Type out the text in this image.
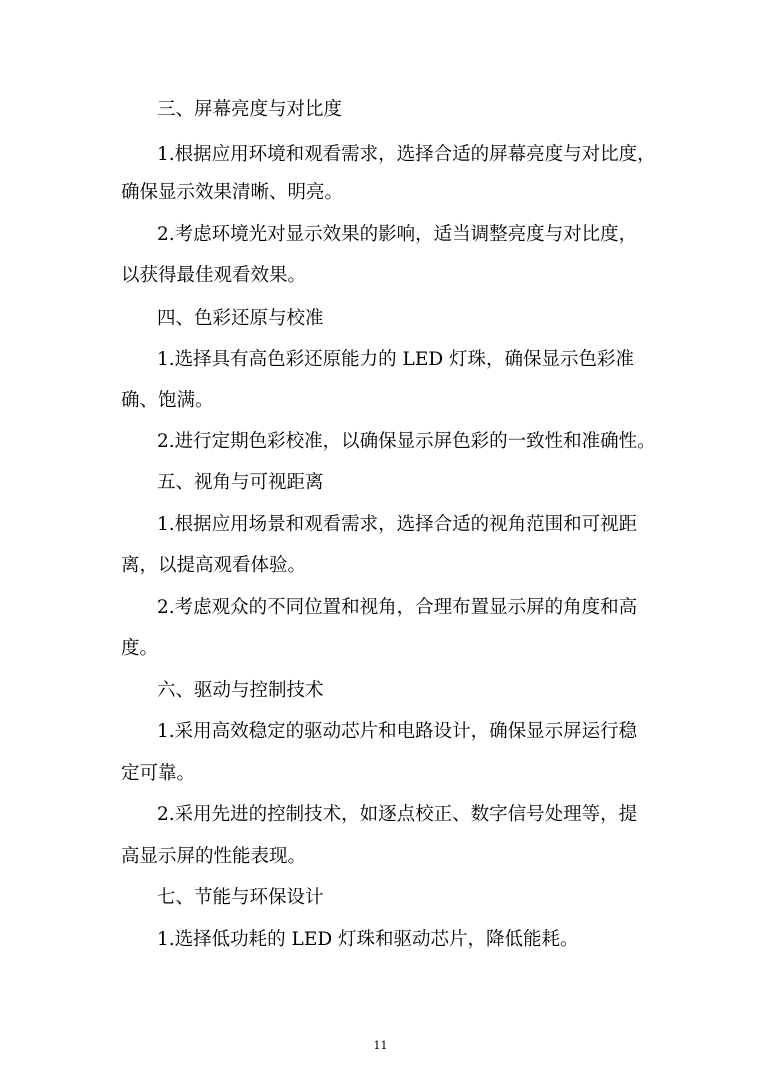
三、屏幕亮度与对比度
1.根据应用环境和观看需求，选择合适的屏幕亮度与对比度，
确保显示效果清晰、明亮。
2.考虑环境光对显示效果的影响，适当调整亮度与对比度，
以获得最佳观看效果。
四、色彩还原与校准
1.选择具有高色彩还原能力的 LED 灯珠，确保显示色彩准
确、饱满。
2.进行定期色彩校准，以确保显示屏色彩的一致性和准确性。
五、视角与可视距离
1.根据应用场景和观看需求，选择合适的视角范围和可视距
离，以提高观看体验。
2.考虑观众的不同位置和视角，合理布置显示屏的角度和高
度。
六、驱动与控制技术
1.采用高效稳定的驱动芯片和电路设计，确保显示屏运行稳
定可靠。
2.采用先进的控制技术，如逐点校正、数字信号处理等，提
高显示屏的性能表现。
七、节能与环保设计
1.选择低功耗的 LED 灯珠和驱动芯片，降低能耗。
11
